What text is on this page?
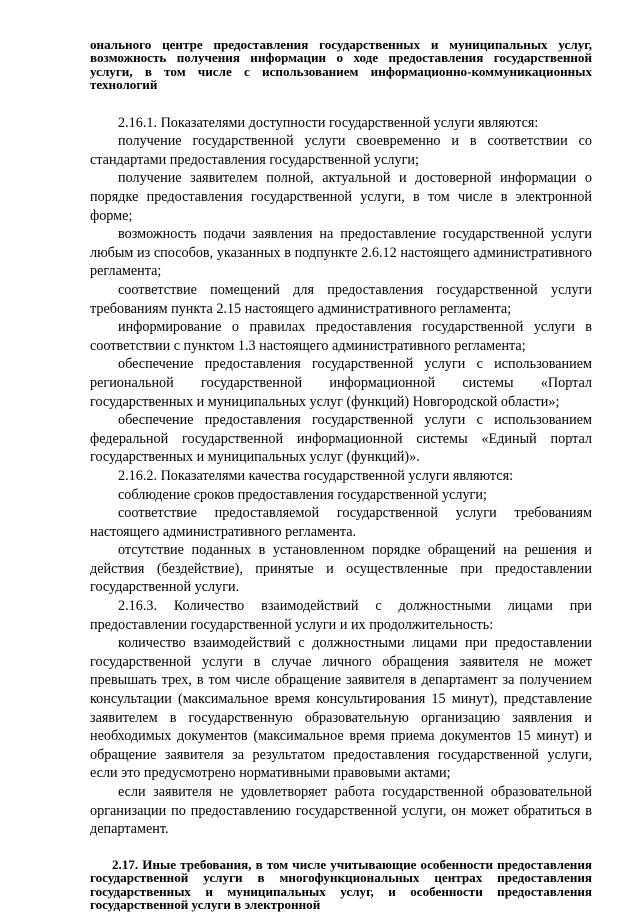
онального центре предоставления государственных и муниципальных услуг, возможность получения информации о ходе предоставления государственной услуги, в том числе с использованием информационно-коммуникационных технологий

2.16.1. Показателями доступности государственной услуги являются:

получение государственной услуги своевременно и в соответствии со стандартами предоставления государственной услуги;

получение заявителем полной, актуальной и достоверной информации о порядке предоставления государственной услуги, в том числе в электронной форме;

возможность подачи заявления на предоставление государственной услуги любым из способов, указанных в подпункте 2.6.12 настоящего административного регламента;

соответствие помещений для предоставления государственной услуги требованиям пункта 2.15 настоящего административного регламента;

информирование о правилах предоставления государственной услуги в соответствии с пунктом 1.3 настоящего административного регламента;

обеспечение предоставления государственной услуги с использованием региональной государственной информационной системы «Портал государственных и муниципальных услуг (функций) Новгородской области»;

обеспечение предоставления государственной услуги с использованием федеральной государственной информационной системы «Единый портал государственных и муниципальных услуг (функций)».

2.16.2. Показателями качества государственной услуги являются:

соблюдение сроков предоставления государственной услуги;

соответствие предоставляемой государственной услуги требованиям настоящего административного регламента.

отсутствие поданных в установленном порядке обращений на решения и действия (бездействие), принятые и осуществленные при предоставлении государственной услуги.

2.16.3. Количество взаимодействий с должностными лицами при предоставлении государственной услуги и их продолжительность:

количество взаимодействий с должностными лицами при предоставлении государственной услуги в случае личного обращения заявителя не может превышать трех, в том числе обращение заявителя в департамент за получением консультации (максимальное время консультирования 15 минут), представление заявителем в государственную образовательную организацию заявления и необходимых документов (максимальное время приема документов 15 минут) и обращение заявителя за результатом предоставления государственной услуги, если это предусмотрено нормативными правовыми актами;

если заявителя не удовлетворяет работа государственной образовательной организации по предоставлению государственной услуги, он может обратиться в департамент.

2.17. Иные требования, в том числе учитывающие особенности предоставления государственной услуги в многофункциональных центрах предоставления государственных и муниципальных услуг, и особенности предоставления государственной услуги в электронной
